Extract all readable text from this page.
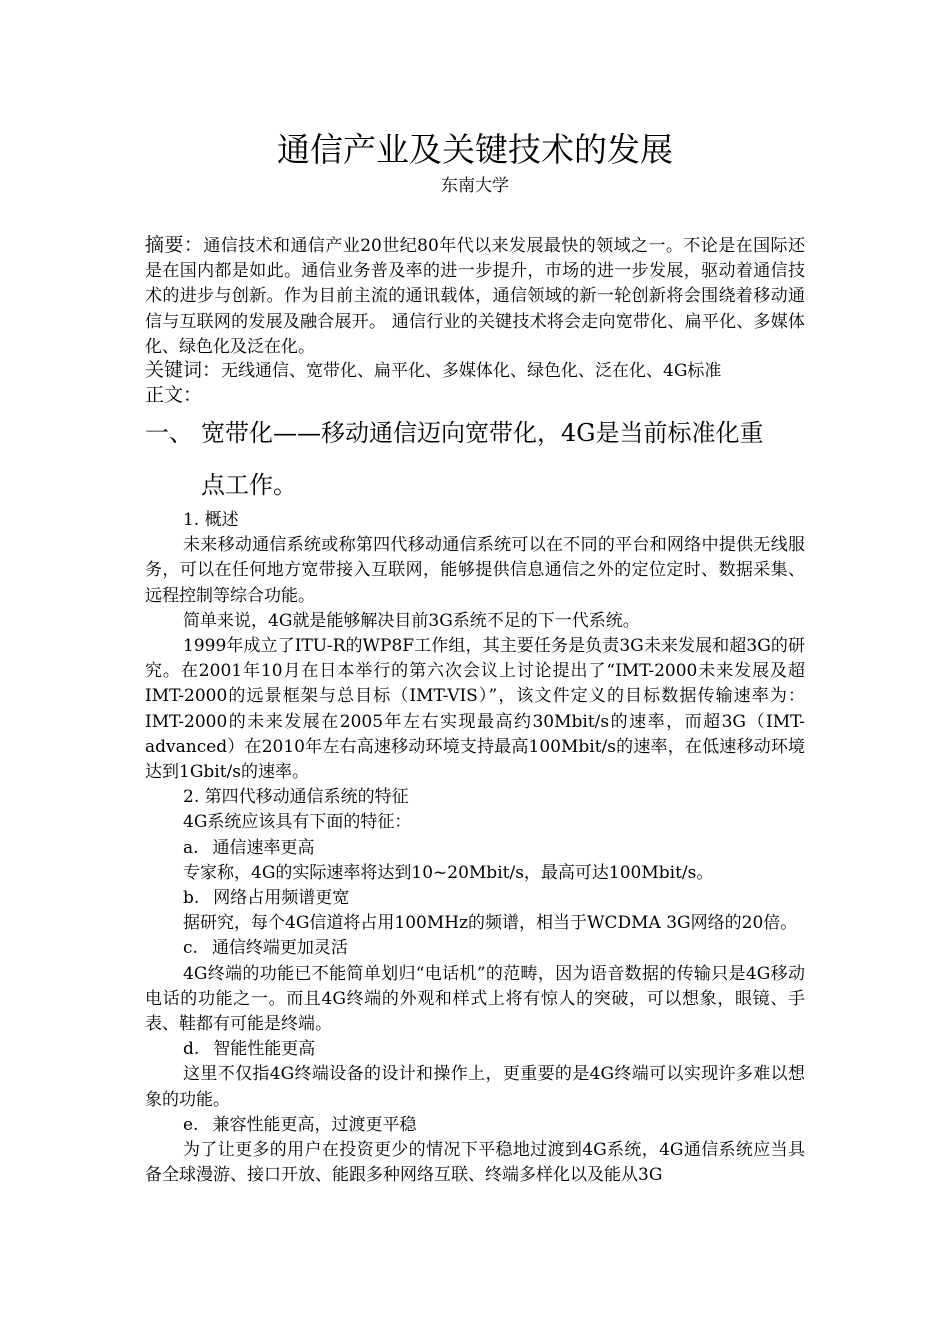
通信产业及关键技术的发展
东南大学
摘要：通信技术和通信产业20世纪80年代以来发展最快的领域之一。不论是在国际还是在国内都是如此。通信业务普及率的进一步提升，市场的进一步发展，驱动着通信技术的进步与创新。作为目前主流的通讯载体，通信领域的新一轮创新将会围绕着移动通信与互联网的发展及融合展开。 通信行业的关键技术将会走向宽带化、扁平化、多媒体化、绿色化及泛在化。
关键词：无线通信、宽带化、扁平化、多媒体化、绿色化、泛在化、4G标准
正文：
一、 宽带化——移动通信迈向宽带化，4G是当前标准化重
点工作。

1. 概述

未来移动通信系统或称第四代移动通信系统可以在不同的平台和网络中提供无线服务，可以在任何地方宽带接入互联网，能够提供信息通信之外的定位定时、数据采集、远程控制等综合功能。

简单来说，4G就是能够解决目前3G系统不足的下一代系统。

1999年成立了ITU-R的WP8F工作组，其主要任务是负责3G未来发展和超3G的研究。在2001年10月在日本举行的第六次会议上讨论提出了“IMT-2000未来发展及超IMT-2000的远景框架与总目标（IMT-VIS）”，该文件定义的目标数据传输速率为：IMT-2000的未来发展在2005年左右实现最高约30Mbit/s的速率，而超3G（IMT-advanced）在2010年左右高速移动环境支持最高100Mbit/s的速率，在低速移动环境达到1Gbit/s的速率。

2. 第四代移动通信系统的特征

4G系统应该具有下面的特征：

a. 通信速率更高

专家称，4G的实际速率将达到10~20Mbit/s，最高可达100Mbit/s。

b. 网络占用频谱更宽

据研究，每个4G信道将占用100MHz的频谱，相当于WCDMA 3G网络的20倍。

c. 通信终端更加灵活

4G终端的功能已不能简单划归“电话机”的范畴，因为语音数据的传输只是4G移动电话的功能之一。而且4G终端的外观和样式上将有惊人的突破，可以想象，眼镜、手表、鞋都有可能是终端。

d. 智能性能更高

这里不仅指4G终端设备的设计和操作上，更重要的是4G终端可以实现许多难以想象的功能。

e. 兼容性能更高，过渡更平稳

为了让更多的用户在投资更少的情况下平稳地过渡到4G系统，4G通信系统应当具备全球漫游、接口开放、能跟多种网络互联、终端多样化以及能从3G
